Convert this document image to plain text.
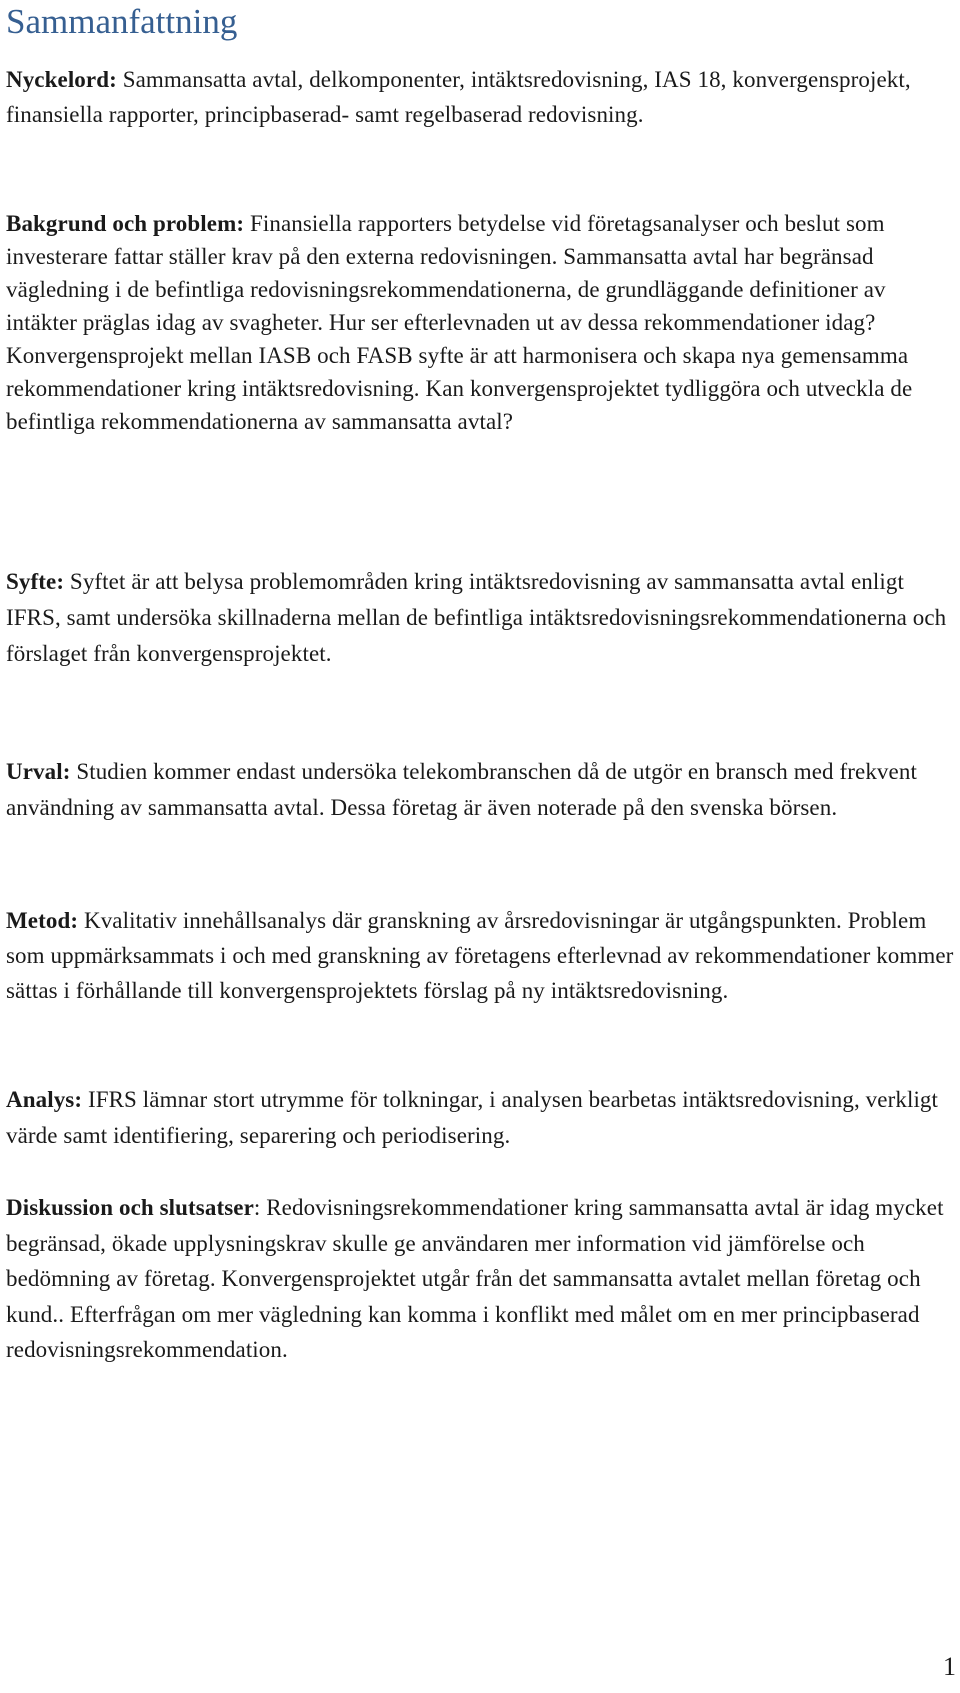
Sammanfattning

Nyckelord: Sammansatta avtal, delkomponenter, intäktsredovisning, IAS 18, konvergensprojekt, finansiella rapporter, principbaserad- samt regelbaserad redovisning.

Bakgrund och problem: Finansiella rapporters betydelse vid företagsanalyser och beslut som investerare fattar ställer krav på den externa redovisningen. Sammansatta avtal har begränsad vägledning i de befintliga redovisningsrekommendationerna, de grundläggande definitioner av intäkter präglas idag av svagheter. Hur ser efterlevnaden ut av dessa rekommendationer idag? Konvergensprojekt mellan IASB och FASB syfte är att harmonisera och skapa nya gemensamma rekommendationer kring intäktsredovisning. Kan konvergensprojektet tydliggöra och utveckla de befintliga rekommendationerna av sammansatta avtal?

Syfte: Syftet är att belysa problemområden kring intäktsredovisning av sammansatta avtal enligt IFRS, samt undersöka skillnaderna mellan de befintliga intäktsredovisningsrekommendationerna och förslaget från konvergensprojektet.

Urval: Studien kommer endast undersöka telekombranschen då de utgör en bransch med frekvent användning av sammansatta avtal. Dessa företag är även noterade på den svenska börsen.

Metod: Kvalitativ innehållsanalys där granskning av årsredovisningar är utgångspunkten. Problem som uppmärksammats i och med granskning av företagens efterlevnad av rekommendationer kommer sättas i förhållande till konvergensprojektets förslag på ny intäktsredovisning.

Analys: IFRS lämnar stort utrymme för tolkningar, i analysen bearbetas intäktsredovisning, verkligt värde samt identifiering, separering och periodisering.

Diskussion och slutsatser: Redovisningsrekommendationer kring sammansatta avtal är idag mycket begränsad, ökade upplysningskrav skulle ge användaren mer information vid jämförelse och bedömning av företag. Konvergensprojektet utgår från det sammansatta avtalet mellan företag och kund.. Efterfrågan om mer vägledning kan komma i konflikt med målet om en mer principbaserad redovisningsrekommendation.

1
